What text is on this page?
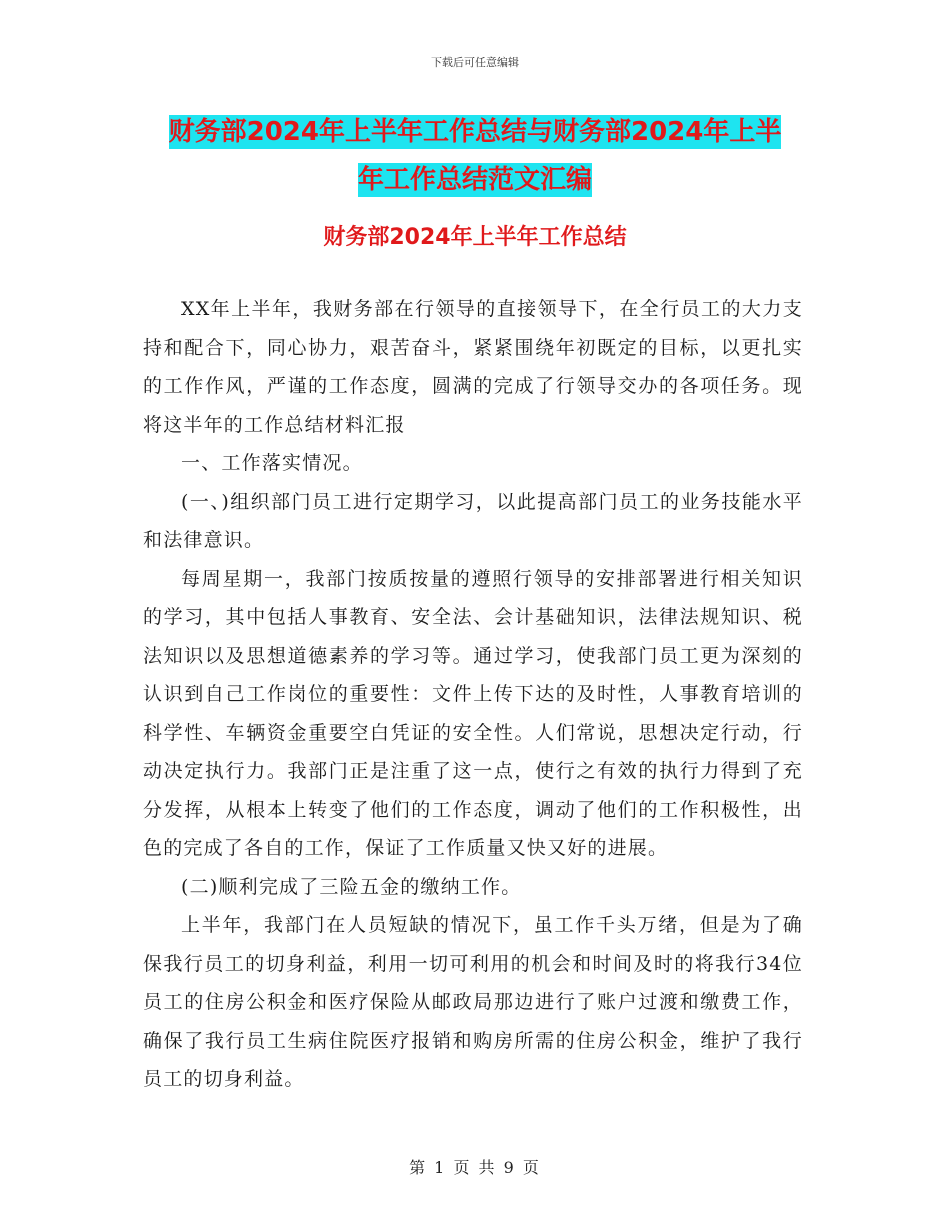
下载后可任意编辑
财务部2024年上半年工作总结与财务部2024年上半
年工作总结范文汇编
财务部2024年上半年工作总结

XX年上半年，我财务部在行领导的直接领导下，在全行员工的大力支持和配合下，同心协力，艰苦奋斗，紧紧围绕年初既定的目标，以更扎实的工作作风，严谨的工作态度，圆满的完成了行领导交办的各项任务。现将这半年的工作总结材料汇报

一、工作落实情况。

(一、)组织部门员工进行定期学习，以此提高部门员工的业务技能水平和法律意识。

每周星期一，我部门按质按量的遵照行领导的安排部署进行相关知识的学习，其中包括人事教育、安全法、会计基础知识，法律法规知识、税法知识以及思想道德素养的学习等。通过学习，使我部门员工更为深刻的认识到自己工作岗位的重要性：文件上传下达的及时性，人事教育培训的科学性、车辆资金重要空白凭证的安全性。人们常说，思想决定行动，行动决定执行力。我部门正是注重了这一点，使行之有效的执行力得到了充分发挥，从根本上转变了他们的工作态度，调动了他们的工作积极性，出色的完成了各自的工作，保证了工作质量又快又好的进展。

(二)顺利完成了三险五金的缴纳工作。

上半年，我部门在人员短缺的情况下，虽工作千头万绪，但是为了确保我行员工的切身利益，利用一切可利用的机会和时间及时的将我行34位员工的住房公积金和医疗保险从邮政局那边进行了账户过渡和缴费工作，确保了我行员工生病住院医疗报销和购房所需的住房公积金，维护了我行员工的切身利益。

第 1 页 共 9 页
